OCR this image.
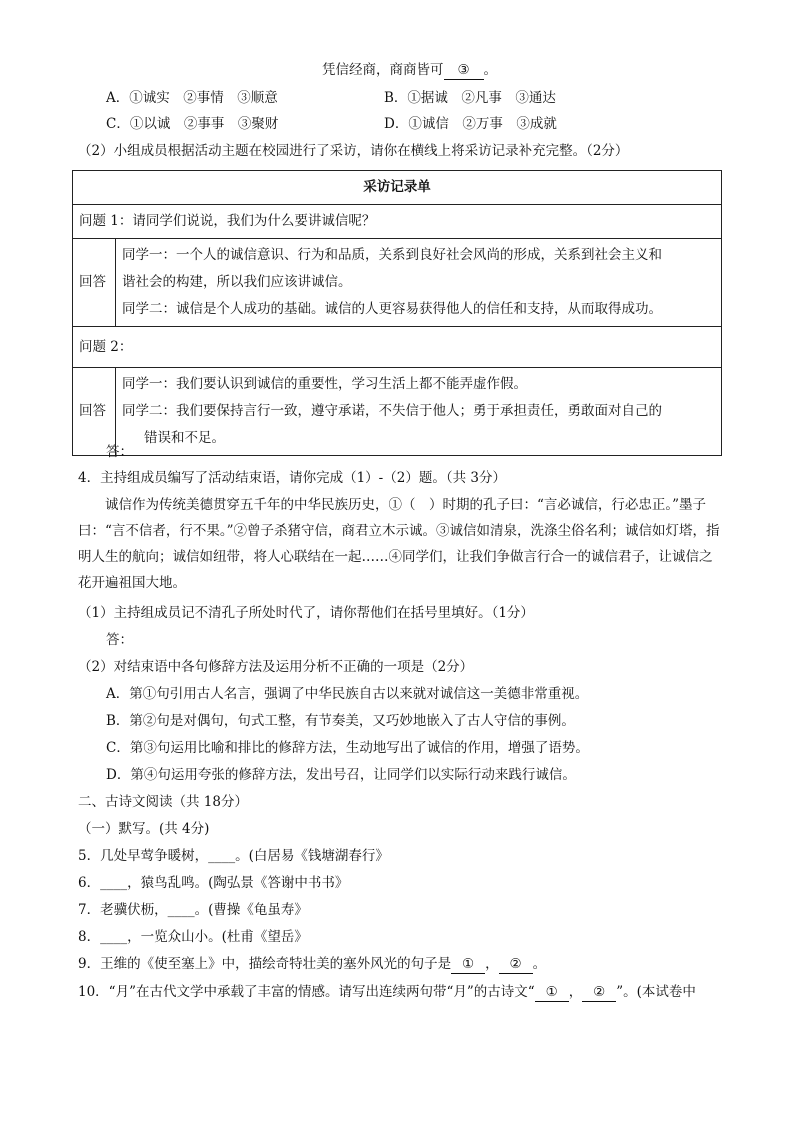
凭信经商，商商皆可 ③ 。
A．①诚实　②事情　③顺意	B．①据诚　②凡事　③通达
C．①以诚　②事事　③聚财	D．①诚信　②万事　③成就
（2）小组成员根据活动主题在校园进行了采访，请你在横线上将采访记录补充完整。（2分）
采访记录单	
问题 1：请同学们说说，我们为什么要讲诚信呢？	
回答	同学一：一个人的诚信意识、行为和品质，关系到良好社会风尚的形成，关系到社会主义和
谐社会的构建，所以我们应该讲诚信。
同学二：诚信是个人成功的基础。诚信的人更容易获得他人的信任和支持，从而取得成功。

问题 2：	
回答	同学一：我们要认识到诚信的重要性，学习生活上都不能弄虚作假。
同学二：我们要保持言行一致，遵守承诺，不失信于他人；勇于承担责任，勇敢面对自己的
错误和不足。
答：
4．主持组成员编写了活动结束语，请你完成（1）-（2）题。（共 3分）
诚信作为传统美德贯穿五千年的中华民族历史，①（　）时期的孔子曰：“言必诚信，行必忠正。”墨子曰：“言不信者，行不果。”②曾子杀猪守信，商君立木示诚。③诚信如清泉，洗涤尘俗名利；诚信如灯塔，指明人生的航向；诚信如纽带，将人心联结在一起……④同学们，让我们争做言行合一的诚信君子，让诚信之花开遍祖国大地。
（1）主持组成员记不清孔子所处时代了，请你帮他们在括号里填好。（1分）
答：
（2）对结束语中各句修辞方法及运用分析不正确的一项是（2分）
A．第①句引用古人名言，强调了中华民族自古以来就对诚信这一美德非常重视。
B．第②句是对偶句，句式工整，有节奏美，又巧妙地嵌入了古人守信的事例。
C．第③句运用比喻和排比的修辞方法，生动地写出了诚信的作用，增强了语势。
D．第④句运用夸张的修辞方法，发出号召，让同学们以实际行动来践行诚信。
二、古诗文阅读（共 18分）
（一）默写。(共 4分)
5．几处早莺争暖树，____。(白居易《钱塘湖春行》
6．____，猿鸟乱鸣。(陶弘景《答谢中书书》
7．老骥伏枥，____。(曹操《龟虽寿》
8．____，一览众山小。(杜甫《望岳》
9．王维的《使至塞上》中，描绘奇特壮美的塞外风光的句子是 ① ， ② 。
10．“月”在古代文学中承载了丰富的情感。请写出连续两句带“月”的古诗文“ ① ， ② ”。(本试卷中
